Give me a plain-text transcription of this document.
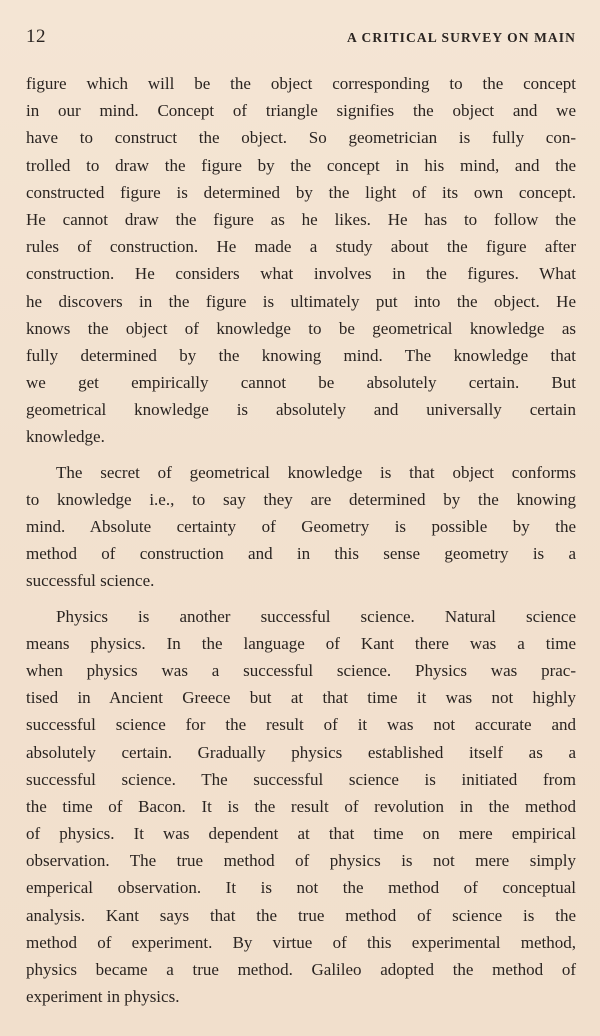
12	A CRITICAL SURVEY ON MAIN
figure which will be the object corresponding to the concept
in our mind. Concept of triangle signifies the object and we
have to construct the object. So geometrician is fully con-
trolled to draw the figure by the concept in his mind, and the
constructed figure is determined by the light of its own concept.
He cannot draw the figure as he likes. He has to follow the
rules of construction. He made a study about the figure after
construction. He considers what involves in the figures. What
he discovers in the figure is ultimately put into the object. He
knows the object of knowledge to be geometrical knowledge as
fully determined by the knowing mind. The knowledge that
we get empirically cannot be absolutely certain. But
geometrical knowledge is absolutely and universally certain
knowledge.
The secret of geometrical knowledge is that object conforms
to knowledge i.e., to say they are determined by the knowing
mind. Absolute certainty of Geometry is possible by the
method of construction and in this sense geometry is a
successful science.
Physics is another successful science. Natural science
means physics. In the language of Kant there was a time
when physics was a successful science. Physics was prac-
tised in Ancient Greece but at that time it was not highly
successful science for the result of it was not accurate and
absolutely certain. Gradually physics established itself as a
successful science. The successful science is initiated from
the time of Bacon. It is the result of revolution in the method
of physics. It was dependent at that time on mere empirical
observation. The true method of physics is not mere simply
emperical observation. It is not the method of conceptual
analysis. Kant says that the true method of science is the
method of experiment. By virtue of this experimental method,
physics became a true method. Galileo adopted the method of
experiment in physics.
